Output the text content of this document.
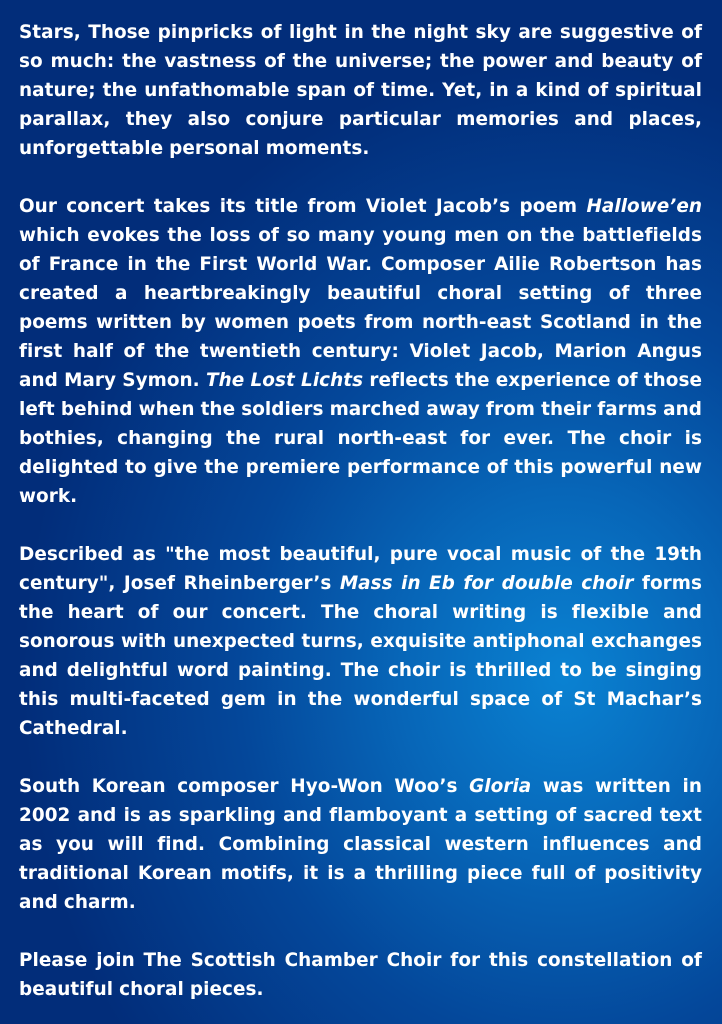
Stars, Those pinpricks of light in the night sky are suggestive of so much: the vastness of the universe; the power and beauty of nature; the unfathomable span of time. Yet, in a kind of spiritual parallax, they also conjure particular memories and places, unforgettable personal moments.

Our concert takes its title from Violet Jacob’s poem Hallowe’en which evokes the loss of so many young men on the battlefields of France in the First World War. Composer Ailie Robertson has created a heartbreakingly beautiful choral setting of three poems written by women poets from north-east Scotland in the first half of the twentieth century: Violet Jacob, Marion Angus and Mary Symon. The Lost Lichts reflects the experience of those left behind when the soldiers marched away from their farms and bothies, changing the rural north-east for ever. The choir is delighted to give the premiere performance of this powerful new work.

Described as "the most beautiful, pure vocal music of the 19th century", Josef Rheinberger’s Mass in Eb for double choir forms the heart of our concert. The choral writing is flexible and sonorous with unexpected turns, exquisite antiphonal exchanges and delightful word painting. The choir is thrilled to be singing this multi-faceted gem in the wonderful space of St Machar’s Cathedral.

South Korean composer Hyo-Won Woo’s Gloria was written in 2002 and is as sparkling and flamboyant a setting of sacred text as you will find. Combining classical western influences and traditional Korean motifs, it is a thrilling piece full of positivity and charm.

Please join The Scottish Chamber Choir for this constellation of beautiful choral pieces.
